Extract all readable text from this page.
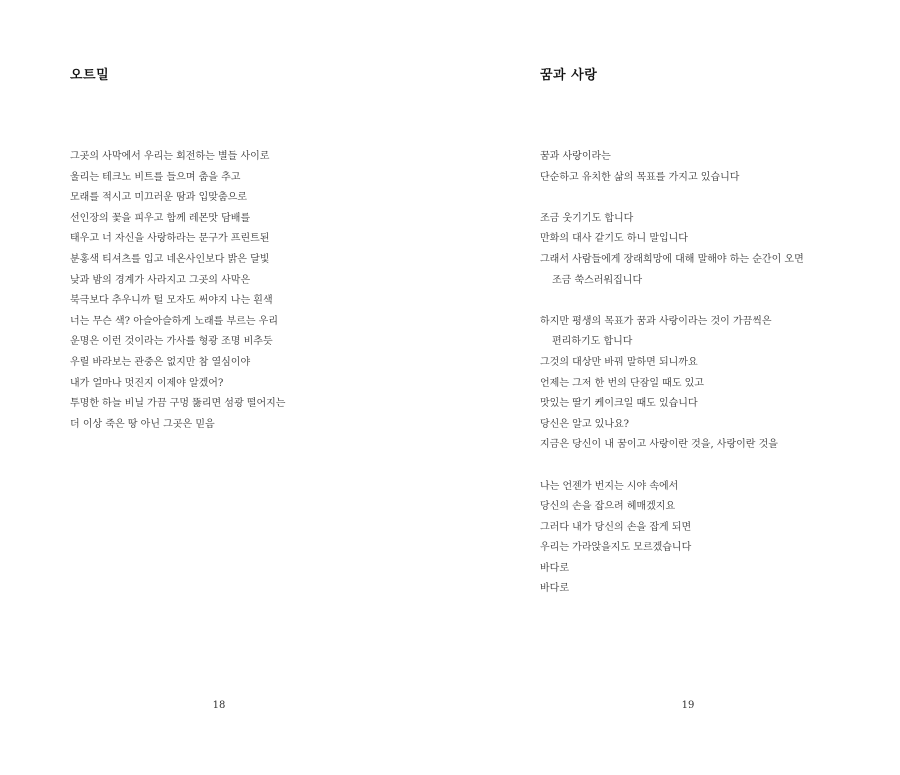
오트밀
그곳의 사막에서 우리는 회전하는 별들 사이로
울리는 테크노 비트를 들으며 춤을 추고
모래를 적시고 미끄러운 땀과 입맞춤으로
선인장의 꽃을 피우고 함께 레몬맛 담배를
태우고 너 자신을 사랑하라는 문구가 프린트된
분홍색 티셔츠를 입고 네온사인보다 밝은 달빛
낮과 밤의 경계가 사라지고 그곳의 사막은
북극보다 추우니까 털 모자도 써야지 나는 흰색
너는 무슨 색? 아슬아슬하게 노래를 부르는 우리
운명은 이런 것이라는 가사를 형광 조명 비추듯
우릴 바라보는 관중은 없지만 참 열심이야
내가 얼마나 멋진지 이제야 알겠어?
투명한 하늘 비닐 가끔 구멍 뚫리면 섬광 떨어지는
더 이상 죽은 땅 아닌 그곳은 믿음
18
꿈과 사랑
꿈과 사랑이라는
단순하고 유치한 삶의 목표를 가지고 있습니다
조금 웃기기도 합니다
만화의 대사 같기도 하니 말입니다
그래서 사람들에게 장래희망에 대해 말해야 하는 순간이 오면
조금 쑥스러워집니다
하지만 평생의 목표가 꿈과 사랑이라는 것이 가끔씩은
편리하기도 합니다
그것의 대상만 바꿔 말하면 되니까요
언제는 그저 한 번의 단잠일 때도 있고
맛있는 딸기 케이크일 때도 있습니다
당신은 알고 있나요?
지금은 당신이 내 꿈이고 사랑이란 것을, 사랑이란 것을
나는 언젠가 번지는 시야 속에서
당신의 손을 잡으려 헤매겠지요
그러다 내가 당신의 손을 잡게 되면
우리는 가라앉을지도 모르겠습니다
바다로
바다로
19
